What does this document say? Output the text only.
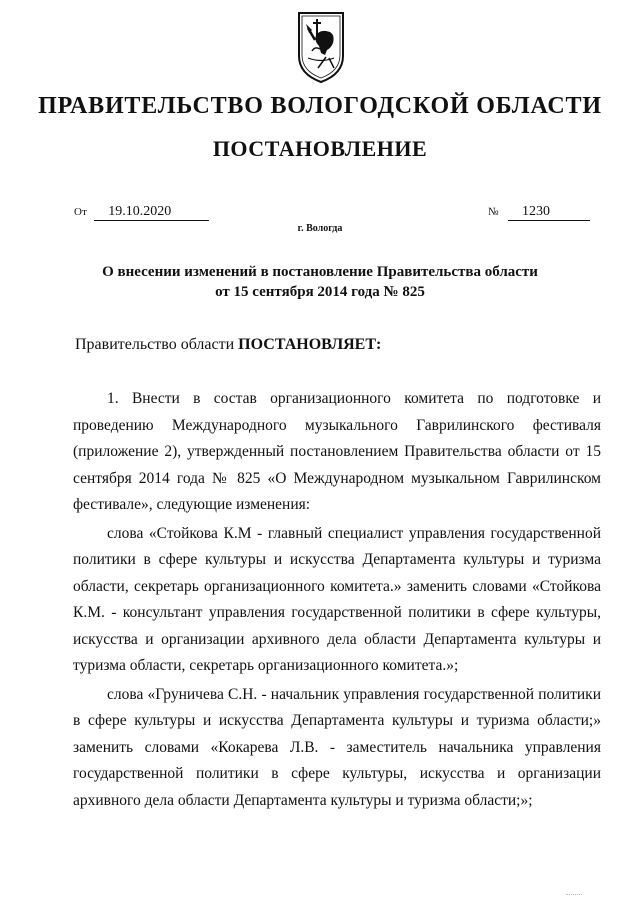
ПРАВИТЕЛЬСТВО ВОЛОГОДСКОЙ ОБЛАСТИ
ПОСТАНОВЛЕНИЕ
От 19.10.2020	№ 1230
г. Вологда
О внесении изменений в постановление Правительства области
от 15 сентября 2014 года № 825
Правительство области ПОСТАНОВЛЯЕТ:

1. Внести в состав организационного комитета по подготовке и проведению Международного музыкального Гаврилинского фестиваля (приложение 2), утвержденный постановлением Правительства области от 15 сентября 2014 года № 825 «О Международном музыкальном Гаврилинском фестивале», следующие изменения:

слова «Стойкова К.М - главный специалист управления государственной политики в сфере культуры и искусства Департамента культуры и туризма области, секретарь организационного комитета.» заменить словами «Стойкова К.М. - консультант управления государственной политики в сфере культуры, искусства и организации архивного дела области Департамента культуры и туризма области, секретарь организационного комитета.»;

слова «Груничева С.Н. - начальник управления государственной политики в сфере культуры и искусства Департамента культуры и туризма области;» заменить словами «Кокарева Л.В. - заместитель начальника управления государственной политики в сфере культуры, искусства и организации архивного дела области Департамента культуры и туризма области;»;
